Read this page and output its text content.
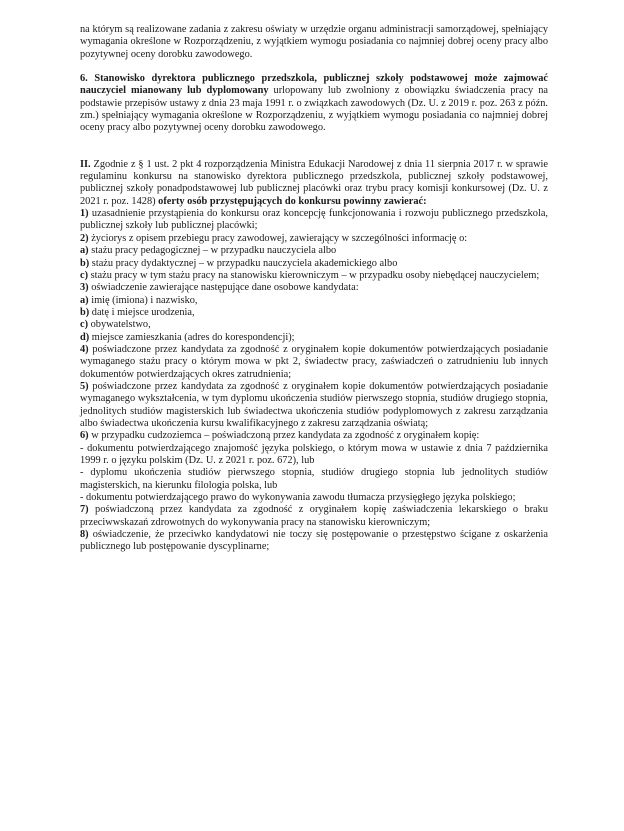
na którym są realizowane zadania z zakresu oświaty w urzędzie organu administracji samorządowej, spełniający wymagania określone w Rozporządzeniu, z wyjątkiem wymogu posiadania co najmniej dobrej oceny pracy albo pozytywnej oceny dorobku zawodowego.

6. Stanowisko dyrektora publicznego przedszkola, publicznej szkoły podstawowej może zajmować nauczyciel mianowany lub dyplomowany urlopowany lub zwolniony z obowiązku świadczenia pracy na podstawie przepisów ustawy z dnia 23 maja 1991 r. o związkach zawodowych (Dz. U. z 2019 r. poz. 263 z późn. zm.) spełniający wymagania określone w Rozporządzeniu, z wyjątkiem wymogu posiadania co najmniej dobrej oceny pracy albo pozytywnej oceny dorobku zawodowego.

II. Zgodnie z § 1 ust. 2 pkt 4 rozporządzenia Ministra Edukacji Narodowej z dnia 11 sierpnia 2017 r. w sprawie regulaminu konkursu na stanowisko dyrektora publicznego przedszkola, publicznej szkoły podstawowej, publicznej szkoły ponadpodstawowej lub publicznej placówki oraz trybu pracy komisji konkursowej (Dz. U. z 2021 r. poz. 1428) oferty osób przystępujących do konkursu powinny zawierać:

1) uzasadnienie przystąpienia do konkursu oraz koncepcję funkcjonowania i rozwoju publicznego przedszkola, publicznej szkoły lub publicznej placówki;

2) życiorys z opisem przebiegu pracy zawodowej, zawierający w szczególności informację o:

a) stażu pracy pedagogicznej – w przypadku nauczyciela albo

b) stażu pracy dydaktycznej – w przypadku nauczyciela akademickiego albo

c) stażu pracy w tym stażu pracy na stanowisku kierowniczym – w przypadku osoby niebędącej nauczycielem;

3) oświadczenie zawierające następujące dane osobowe kandydata:

a) imię (imiona) i nazwisko,

b) datę i miejsce urodzenia,

c) obywatelstwo,

d) miejsce zamieszkania (adres do korespondencji);

4) poświadczone przez kandydata za zgodność z oryginałem kopie dokumentów potwierdzających posiadanie wymaganego stażu pracy o którym mowa w pkt 2, świadectw pracy, zaświadczeń o zatrudnieniu lub innych dokumentów potwierdzających okres zatrudnienia;

5) poświadczone przez kandydata za zgodność z oryginałem kopie dokumentów potwierdzających posiadanie wymaganego wykształcenia, w tym dyplomu ukończenia studiów pierwszego stopnia, studiów drugiego stopnia, jednolitych studiów magisterskich lub świadectwa ukończenia studiów podyplomowych z zakresu zarządzania albo świadectwa ukończenia kursu kwalifikacyjnego z zakresu zarządzania oświatą;

6) w przypadku cudzoziemca – poświadczoną przez kandydata za zgodność z oryginałem kopię:

- dokumentu potwierdzającego znajomość języka polskiego, o którym mowa w ustawie z dnia 7 października 1999 r. o języku polskim (Dz. U. z 2021 r. poz. 672), lub

- dyplomu ukończenia studiów pierwszego stopnia, studiów drugiego stopnia lub jednolitych studiów magisterskich, na kierunku filologia polska, lub

- dokumentu potwierdzającego prawo do wykonywania zawodu tłumacza przysięgłego języka polskiego;

7) poświadczoną przez kandydata za zgodność z oryginałem kopię zaświadczenia lekarskiego o braku przeciwwskazań zdrowotnych do wykonywania pracy na stanowisku kierowniczym;

8) oświadczenie, że przeciwko kandydatowi nie toczy się postępowanie o przestępstwo ścigane z oskarżenia publicznego lub postępowanie dyscyplinarne;
